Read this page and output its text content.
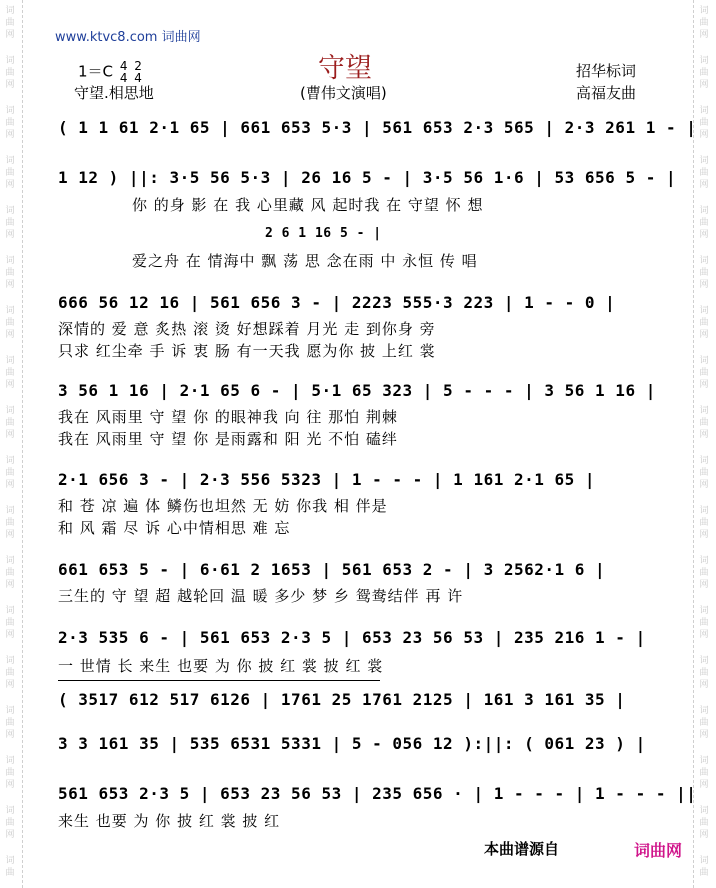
词
曲
网
词
曲
网
词
曲
网
词
曲
网
词
曲
网
词
曲
网
词
曲
网
词
曲
网
词
曲
网
词
曲
网
词
曲
网
词
曲
网
词
曲
网
词
曲
网
词
曲
网
词
曲
网
词
曲
网
词
曲
词
曲
网
词
曲
网
词
曲
网
词
曲
网
词
曲
网
词
曲
网
词
曲
网
词
曲
网
词
曲
网
词
曲
网
词
曲
网
词
曲
网
词
曲
网
词
曲
网
词
曲
网
词
曲
网
词
曲
网
词
曲
www.ktvc8.com 词曲网
守望
1＝C 4
4

2
4
守望.相思地	(曹伟文演唱)
招华标词
高福友曲
( 1 1 61 2·1 65 | 661 653 5·3 | 561 653 2·3 565 | 2·3 261 1 - |
1 12 ) ||: 3·5 56 5·3 | 26 16 5 - | 3·5 56 1·6 | 53 656 5 - |
你 的身 影 在 我 心里藏 风 起时我 在 守望 怀 想
2 6 1 16 5 - |
爱之舟 在 情海中 飘 荡 思 念在雨 中 永恒 传 唱
666 56 12 16 | 561 656 3 - | 2223 555·3 223 | 1 - - 0 |
深情的 爱 意 炙热 滚 烫 好想踩着 月光 走 到你身 旁
只求 红尘牵 手 诉 衷 肠 有一天我 愿为你 披 上红 裳
3 56 1 16 | 2·1 65 6 - | 5·1 65 323 | 5 - - - | 3 56 1 16 |
我在 风雨里 守 望 你 的眼神我 向 往 那怕 荆棘
我在 风雨里 守 望 你 是雨露和 阳 光 不怕 磕绊
2·1 656 3 - | 2·3 556 5323 | 1 - - - | 1 161 2·1 65 |
和 苍 凉 遍 体 鳞伤也坦然 无 妨 你我 相 伴是
和 风 霜 尽 诉 心中情相思 难 忘
661 653 5 - | 6·61 2 1653 | 561 653 2 - | 3 2562·1 6 |
三生的 守 望 超 越轮回 温 暖 多少 梦 乡 鸳鸯结伴 再 许
2·3 535 6 - | 561 653 2·3 5 | 653 23 56 53 | 235 216 1 - |
一 世情 长 来生 也要 为 你 披 红 裳 披 红 裳
( 3517 612 517 6126 | 1761 25 1761 2125 | 161 3 161 35 |
3 3 161 35 | 535 6531 5331 | 5 - 056 12 ):||: ( 061 23 ) |
561 653 2·3 5 | 653 23 56 53 | 235 656 · | 1 - - - | 1 - - - ||
来生 也要 为 你 披 红 裳 披 红
本曲谱源自	词曲网
